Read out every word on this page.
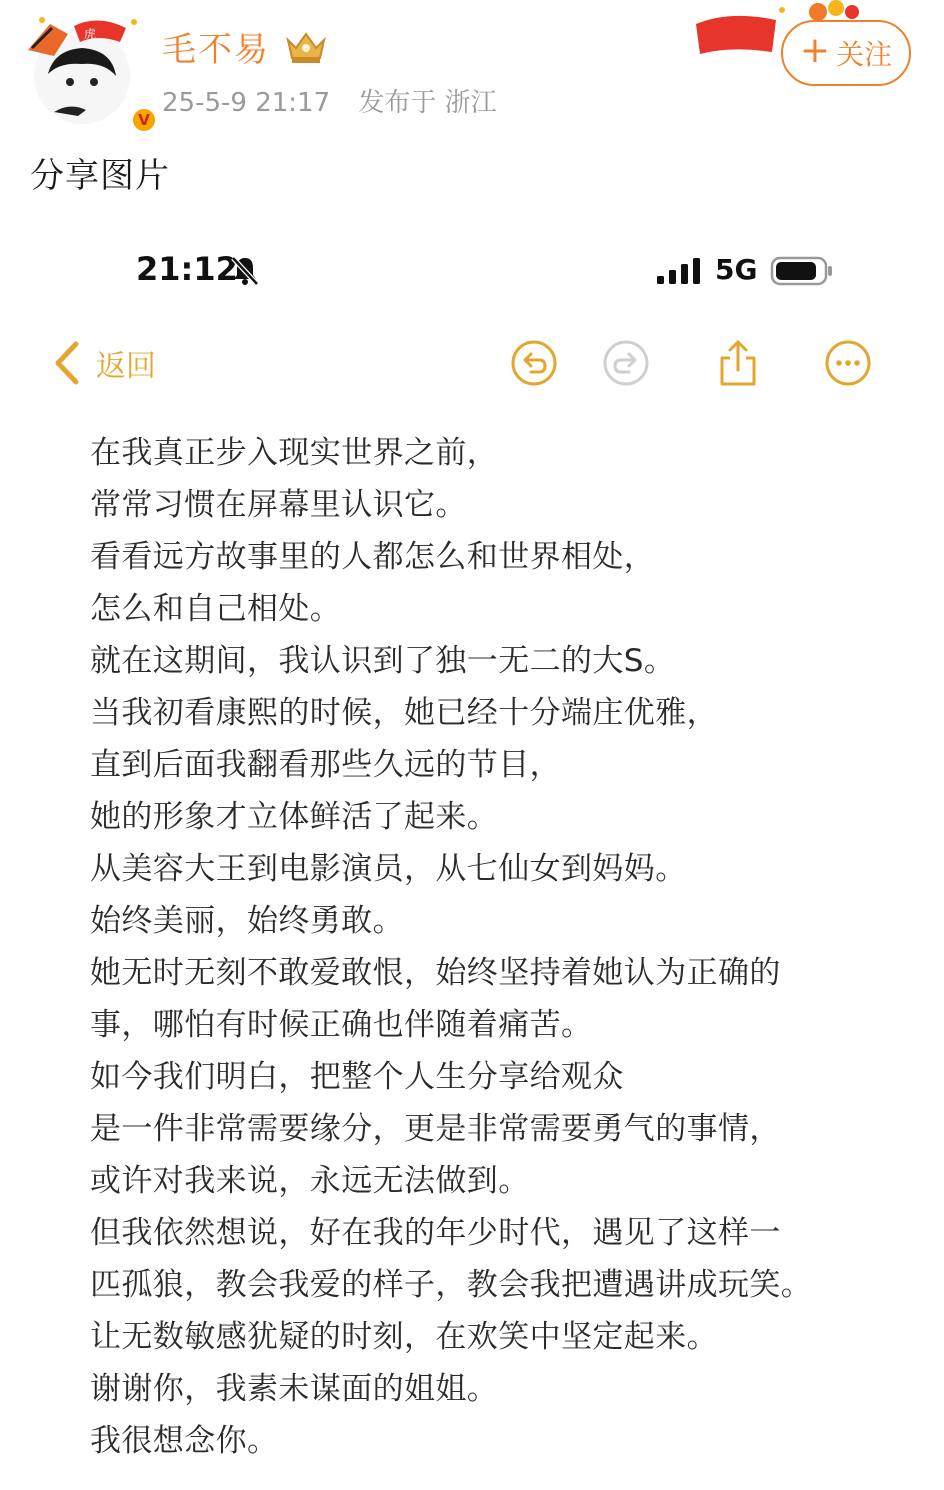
虎
V
毛不易
25-5-9 21:17 发布于 浙江
+ 关注
分享图片
21:12	5G
返回

在我真正步入现实世界之前，

常常习惯在屏幕里认识它。

看看远方故事里的人都怎么和世界相处，

怎么和自己相处。

就在这期间，我认识到了独一无二的大S。

当我初看康熙的时候，她已经十分端庄优雅，

直到后面我翻看那些久远的节目，

她的形象才立体鲜活了起来。

从美容大王到电影演员，从七仙女到妈妈。

始终美丽，始终勇敢。

她无时无刻不敢爱敢恨，始终坚持着她认为正确的

事，哪怕有时候正确也伴随着痛苦。

如今我们明白，把整个人生分享给观众

是一件非常需要缘分，更是非常需要勇气的事情，

或许对我来说，永远无法做到。

但我依然想说，好在我的年少时代，遇见了这样一

匹孤狼，教会我爱的样子，教会我把遭遇讲成玩笑。

让无数敏感犹疑的时刻，在欢笑中坚定起来。

谢谢你，我素未谋面的姐姐。

我很想念你。
